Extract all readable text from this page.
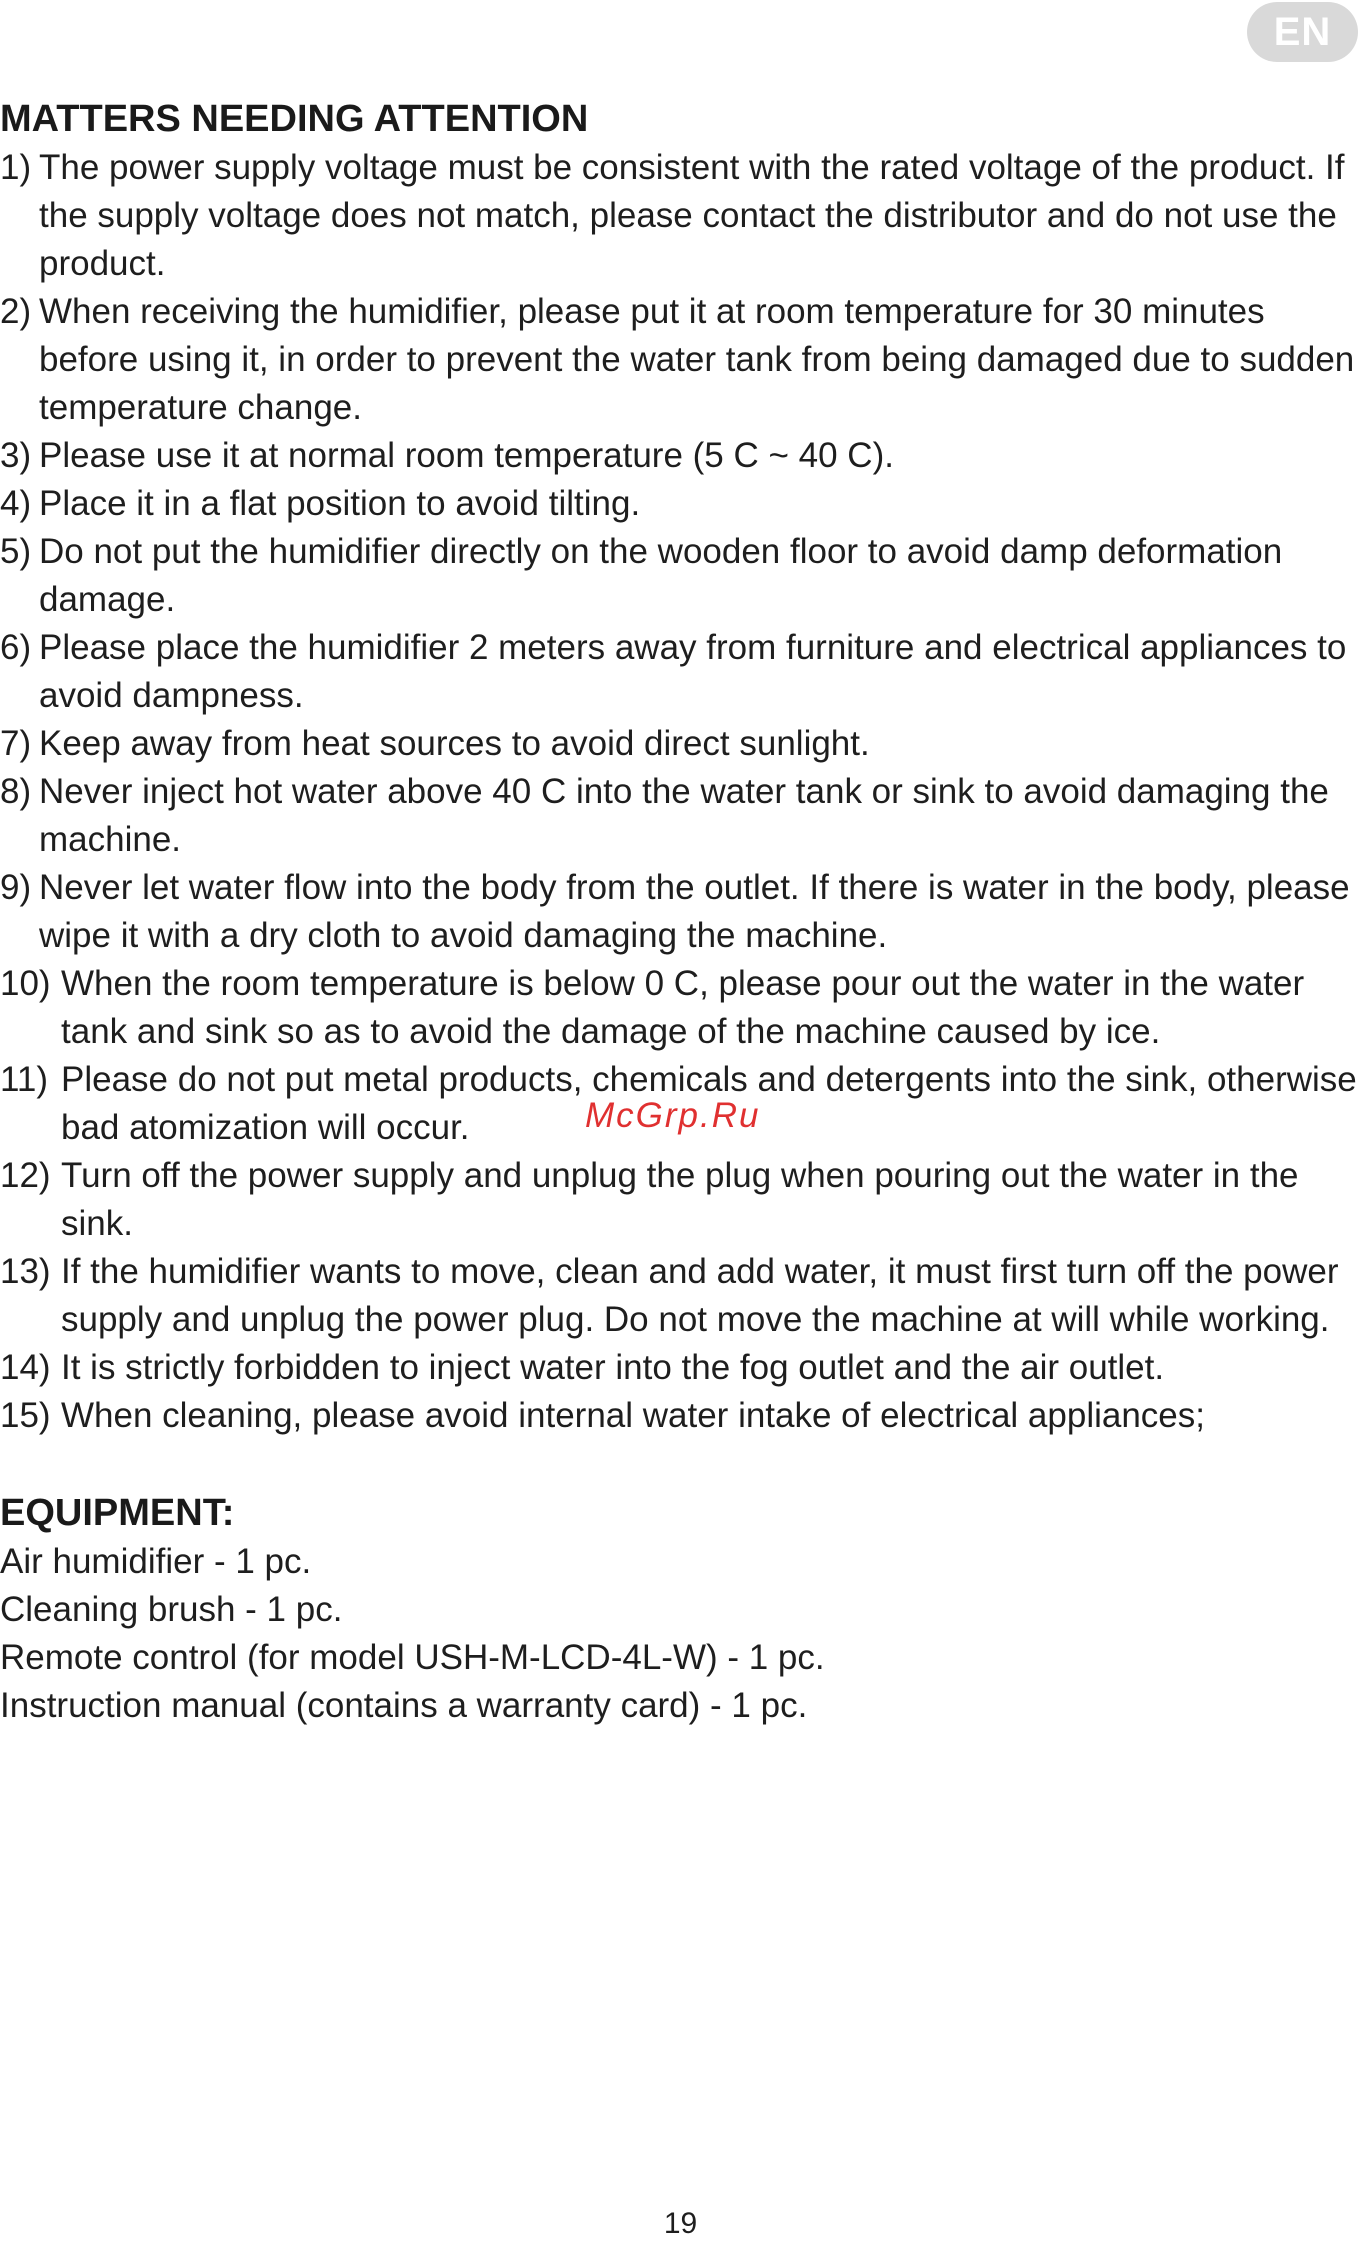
EN
MATTERS NEEDING ATTENTION
1) The power supply voltage must be consistent with the rated voltage of the product. If the supply voltage does not match, please contact the distributor and do not use the product.
2) When receiving the humidifier, please put it at room temperature for 30 minutes before using it, in order to prevent the water tank from being damaged due to sudden temperature change.
3) Please use it at normal room temperature (5 C ~ 40 C).
4) Place it in a flat position to avoid tilting.
5) Do not put the humidifier directly on the wooden floor to avoid damp deformation damage.
6) Please place the humidifier 2 meters away from furniture and electrical appliances to avoid dampness.
7) Keep away from heat sources to avoid direct sunlight.
8) Never inject hot water above 40 C into the water tank or sink to avoid damaging the machine.
9) Never let water flow into the body from the outlet. If there is water in the body, please wipe it with a dry cloth to avoid damaging the machine.
10) When the room temperature is below 0 C, please pour out the water in the water tank and sink so as to avoid the damage of the machine caused by ice.
11) Please do not put metal products, chemicals and detergents into the sink, otherwise bad atomization will occur.
12) Turn off the power supply and unplug the plug when pouring out the water in the sink.
13) If the humidifier wants to move, clean and add water, it must first turn off the power supply and unplug the power plug. Do not move the machine at will while working.
14) It is strictly forbidden to inject water into the fog outlet and the air outlet.
15) When cleaning, please avoid internal water intake of electrical appliances;
EQUIPMENT:
Air humidifier - 1 pc.
Cleaning brush - 1 pc.
Remote control (for model USH-M-LCD-4L-W) - 1 pc.
Instruction manual (contains a warranty card) - 1 pc.
McGrp.Ru
19
